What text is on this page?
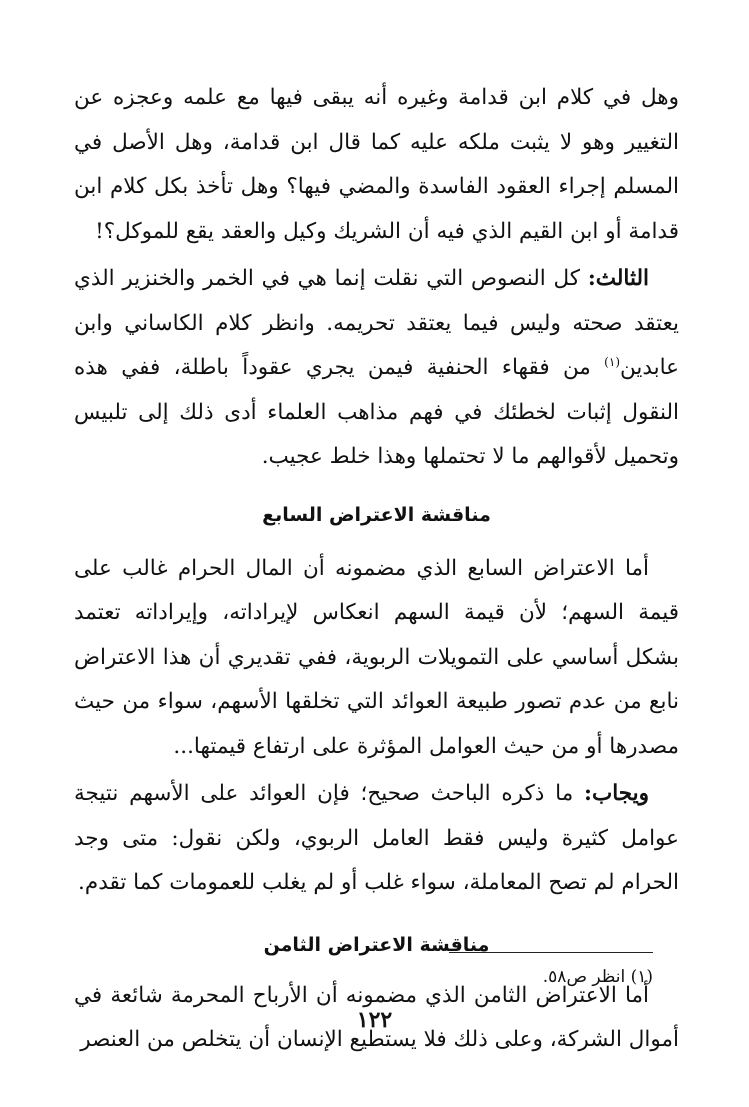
وهل في كلام ابن قدامة وغيره أنه يبقى فيها مع علمه وعجزه عن التغيير وهو لا يثبت ملكه عليه كما قال ابن قدامة، وهل الأصل في المسلم إجراء العقود الفاسدة والمضي فيها؟ وهل تأخذ بكل كلام ابن قدامة أو ابن القيم الذي فيه أن الشريك وكيل والعقد يقع للموكل؟!

الثالث: كل النصوص التي نقلت إنما هي في الخمر والخنزير الذي يعتقد صحته وليس فيما يعتقد تحريمه. وانظر كلام الكاساني وابن عابدين$^{(١)}$ من فقهاء الحنفية فيمن يجري عقوداً باطلة، ففي هذه النقول إثبات لخطئك في فهم مذاهب العلماء أدى ذلك إلى تلبيس وتحميل لأقوالهم ما لا تحتملها وهذا خلط عجيب.

مناقشة الاعتراض السابع

أما الاعتراض السابع الذي مضمونه أن المال الحرام غالب على قيمة السهم؛ لأن قيمة السهم انعكاس لإيراداته، وإيراداته تعتمد بشكل أساسي على التمويلات الربوية، ففي تقديري أن هذا الاعتراض نابع من عدم تصور طبيعة العوائد التي تخلقها الأسهم، سواء من حيث مصدرها أو من حيث العوامل المؤثرة على ارتفاع قيمتها...

ويجاب: ما ذكره الباحث صحيح؛ فإن العوائد على الأسهم نتيجة عوامل كثيرة وليس فقط العامل الربوي، ولكن نقول: متى وجد الحرام لم تصح المعاملة، سواء غلب أو لم يغلب للعمومات كما تقدم.

مناقشة الاعتراض الثامن

أما الاعتراض الثامن الذي مضمونه أن الأرباح المحرمة شائعة في أموال الشركة، وعلى ذلك فلا يستطيع الإنسان أن يتخلص من العنصر

(١) انظر ص٥٨.
١٢٢
